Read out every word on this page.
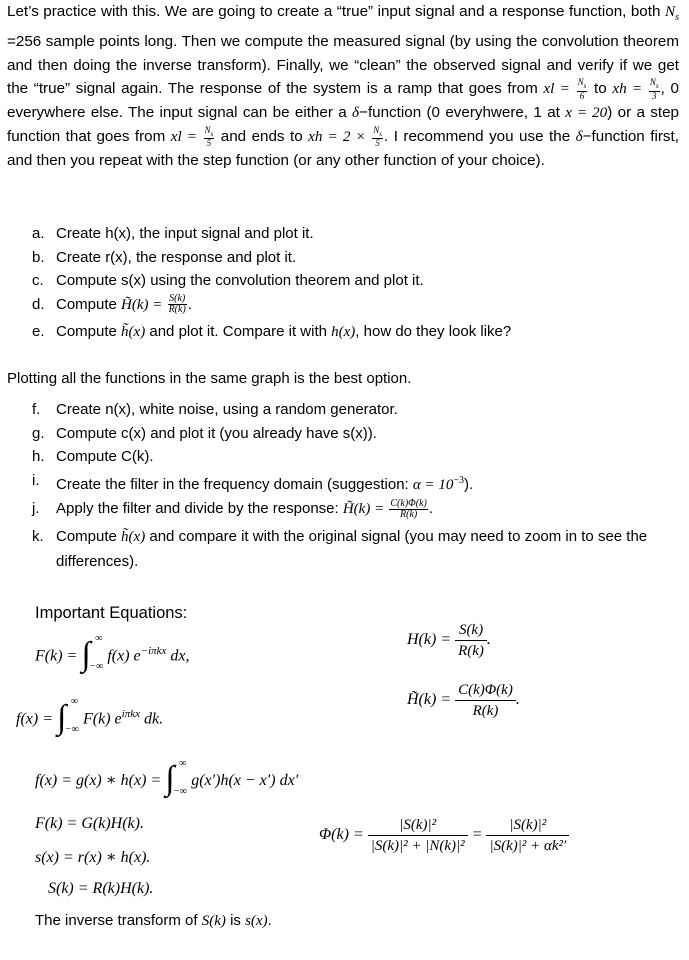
Let’s practice with this. We are going to create a “true” input signal and a response function, both $N_s =256$ sample points long. Then we compute the measured signal (by using the convolution theorem and then doing the inverse transform). Finally, we “clean” the observed signal and verify if we get the “true” signal again. The response of the system is a ramp that goes from xl = $\frac{N_s}{6}$ to xh = $\frac{N_s}{3}$ , 0 everywhere else. The input signal can be either a δ−function (0 everyhwere, 1 at x = 20) or a step function that goes from xl = $\frac{N_s}{5}$ and ends to xh = $2 \times \frac{N_s}{5}$ . I recommend you use the δ−function first, and then you repeat with the step function (or any other function of your choice).
a. Create h(x), the input signal and plot it.
b. Create r(x), the response and plot it.
c. Compute s(x) using the convolution theorem and plot it.
d. Compute H̃(k) = $\frac{S(k)}{R(k)}$ .
e. Compute h̃(x) and plot it. Compare it with h(x), how do they look like?
Plotting all the functions in the same graph is the best option.
f. Create n(x), white noise, using a random generator.
g. Compute c(x) and plot it (you already have s(x)).
h. Compute C(k).
i. Create the filter in the frequency domain (suggestion: $\alpha = 10^{-3}$).
j. Apply the filter and divide by the response: H̃(k) = $\frac{C(k)\Phi(k)}{R(k)}$ .
k. Compute h̃(x) and compare it with the original signal (you may need to zoom in to see the differences).
Important Equations:
F(k) = ∫ ∞
−∞
f(x) $e^{-i\pi kx}$ dx,
f(x) = ∫ ∞
−∞
F(k) $e^{i\pi kx}$ dk.
$H(k) = \frac{S(k)}{R(k)}$ .
H̃(k) = $\frac{C(k)\Phi(k)}{R(k)}$ .
f(x) = g(x) ∗ h(x) = ∫ ∞
−∞
g(x′)h(x − x′) dx′
F(k) = G(k)H(k).
s(x) = r(x) ∗ h(x).
S(k) = R(k)H(k).
$\Phi(k) = \frac{\text{|S(k)|²}}{\text{|S(k)|² + |N(k)|²}} = \frac{\text{|S(k)|²}}{\text{|S(k)|² + αk²′}}$
The inverse transform of S(k) is s(x).
